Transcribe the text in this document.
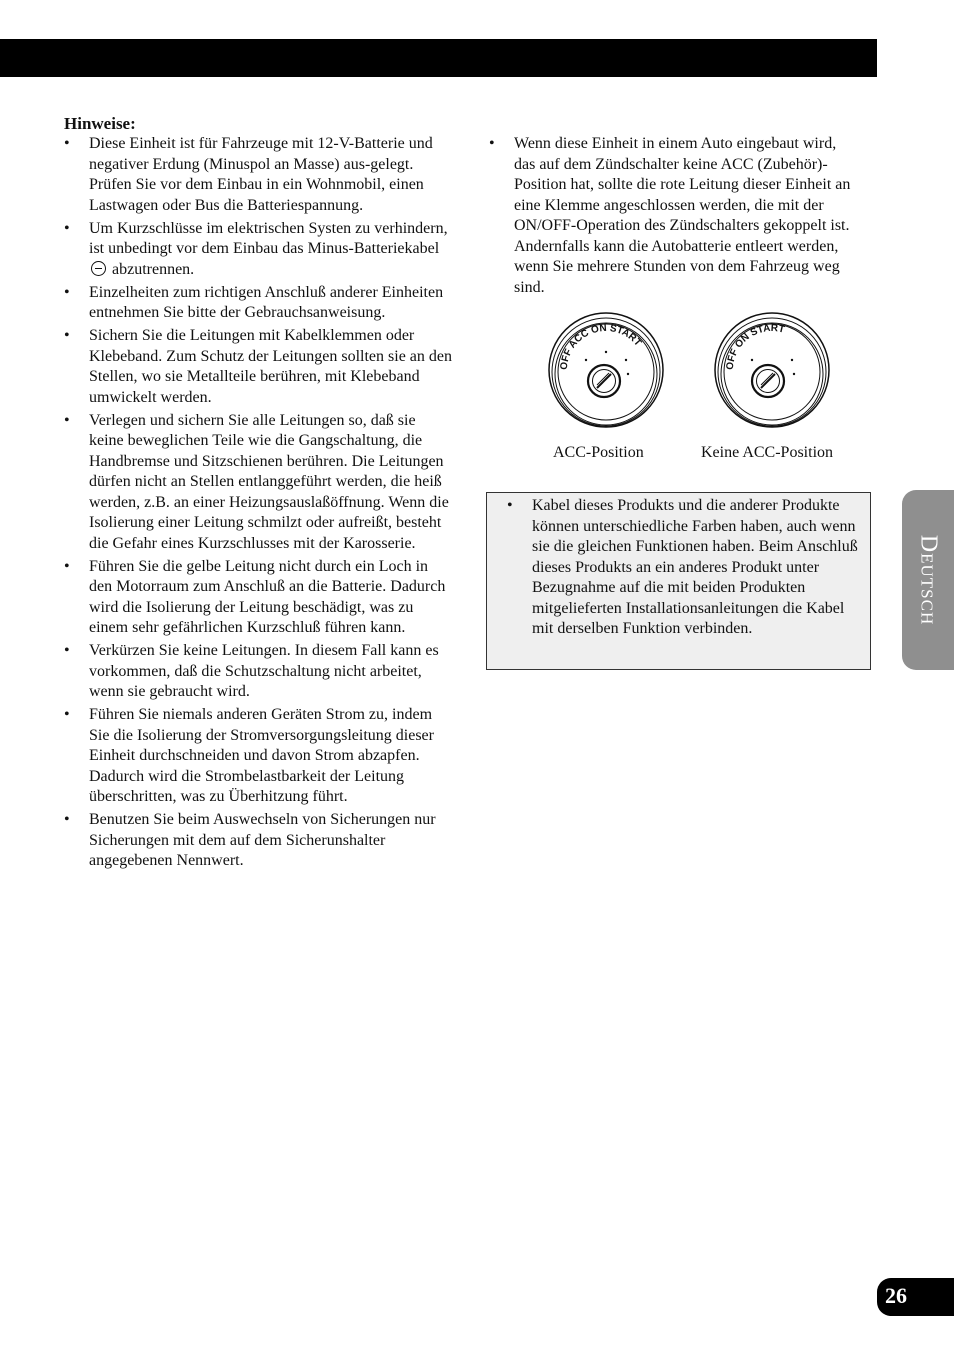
Hinweise:
• Diese Einheit ist für Fahrzeuge mit 12-V-Batterie und negativer Erdung (Minuspol an Masse) aus-gelegt. Prüfen Sie vor dem Einbau in ein Wohnmobil, einen Lastwagen oder Bus die Batteriespannung.
• Um Kurzschlüsse im elektrischen Systen zu verhindern, ist unbedingt vor dem Einbau das Minus-Batteriekabel  abzutrennen.
• Einzelheiten zum richtigen Anschluß anderer Einheiten entnehmen Sie bitte der Gebrauchsanweisung.
• Sichern Sie die Leitungen mit Kabelklemmen oder Klebeband. Zum Schutz der Leitungen sollten sie an den Stellen, wo sie Metallteile berühren, mit Klebeband umwickelt werden.
• Verlegen und sichern Sie alle Leitungen so, daß sie keine beweglichen Teile wie die Gangschaltung, die Handbremse und Sitzschienen berühren. Die Leitungen dürfen nicht an Stellen entlanggeführt werden, die heiß werden, z.B. an einer Heizungsauslaßöffnung. Wenn die Isolierung einer Leitung schmilzt oder aufreißt, besteht die Gefahr eines Kurzschlusses mit der Karosserie.
• Führen Sie die gelbe Leitung nicht durch ein Loch in den Motorraum zum Anschluß an die Batterie. Dadurch wird die Isolierung der Leitung beschädigt, was zu einem sehr gefährlichen Kurzschluß führen kann.
• Verkürzen Sie keine Leitungen. In diesem Fall kann es vorkommen, daß die Schutzschaltung nicht arbeitet, wenn sie gebraucht wird.
• Führen Sie niemals anderen Geräten Strom zu, indem Sie die Isolierung der Stromversorgungsleitung dieser Einheit durchschneiden und davon Strom abzapfen. Dadurch wird die Strombelastbarkeit der Leitung überschritten, was zu Überhitzung führt.
• Benutzen Sie beim Auswechseln von Sicherungen nur Sicherungen mit dem auf dem Sicherunshalter angegebenen Nennwert.
• Wenn diese Einheit in einem Auto eingebaut wird, das auf dem Zündschalter keine ACC (Zubehör)-Position hat, sollte die rote Leitung dieser Einheit an eine Klemme angeschlossen werden, die mit der ON/OFF-Operation des Zündschalters gekoppelt ist. Andernfalls kann die Autobatterie entleert werden, wenn Sie mehrere Stunden von dem Fahrzeug weg sind.
OFF ACC ON START
OFF ON START
ACC-Position	Keine ACC-Position
• Kabel dieses Produkts und die anderer Produkte können unterschiedliche Farben haben, auch wenn sie die gleichen Funktionen haben. Beim Anschluß dieses Produkts an ein anderes Produkt unter Bezugnahme auf die mit beiden Produkten mitgelieferten Installationsanleitungen die Kabel mit derselben Funktion verbinden.
Deutsch
26
